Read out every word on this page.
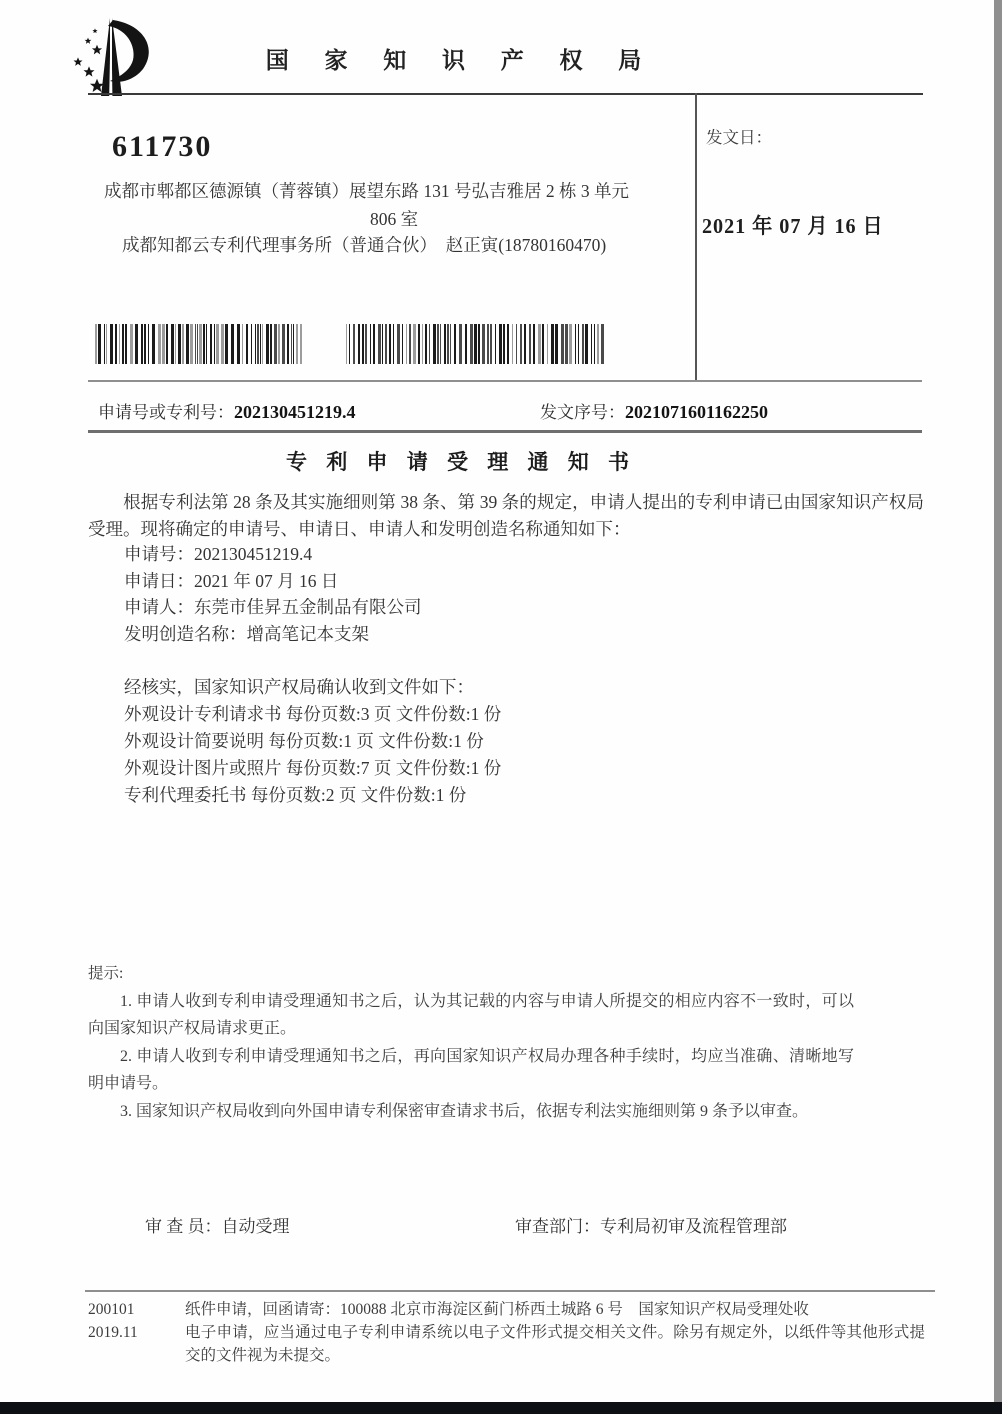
国 家 知 识 产 权 局
611730
成都市郫都区德源镇（菁蓉镇）展望东路 131 号弘吉雅居 2 栋 3 单元
806 室
成都知都云专利代理事务所（普通合伙）　赵正寅(18780160470)
发文日：
2021 年 07 月 16 日
申请号或专利号：202130451219.4	发文序号：2021071601162250
专 利 申 请 受 理 通 知 书
根据专利法第 28 条及其实施细则第 38 条、第 39 条的规定，申请人提出的专利申请已由国家知识产权局受理。现将确定的申请号、申请日、申请人和发明创造名称通知如下：
申请号：202130451219.4
申请日：2021 年 07 月 16 日
申请人：东莞市佳昇五金制品有限公司
发明创造名称：增高笔记本支架
经核实，国家知识产权局确认收到文件如下：
外观设计专利请求书 每份页数:3 页 文件份数:1 份
外观设计简要说明 每份页数:1 页 文件份数:1 份
外观设计图片或照片 每份页数:7 页 文件份数:1 份
专利代理委托书 每份页数:2 页 文件份数:1 份
提示:
1. 申请人收到专利申请受理通知书之后，认为其记载的内容与申请人所提交的相应内容不一致时，可以向国家知识产权局请求更正。
2. 申请人收到专利申请受理通知书之后，再向国家知识产权局办理各种手续时，均应当准确、清晰地写明申请号。
3. 国家知识产权局收到向外国申请专利保密审查请求书后，依据专利法实施细则第 9 条予以审查。
审 查 员：自动受理	审查部门：专利局初审及流程管理部
200101	纸件申请，回函请寄：100088 北京市海淀区蓟门桥西土城路 6 号　国家知识产权局受理处收
2019.11	电子申请，应当通过电子专利申请系统以电子文件形式提交相关文件。除另有规定外，以纸件等其他形式提交的文件视为未提交。
